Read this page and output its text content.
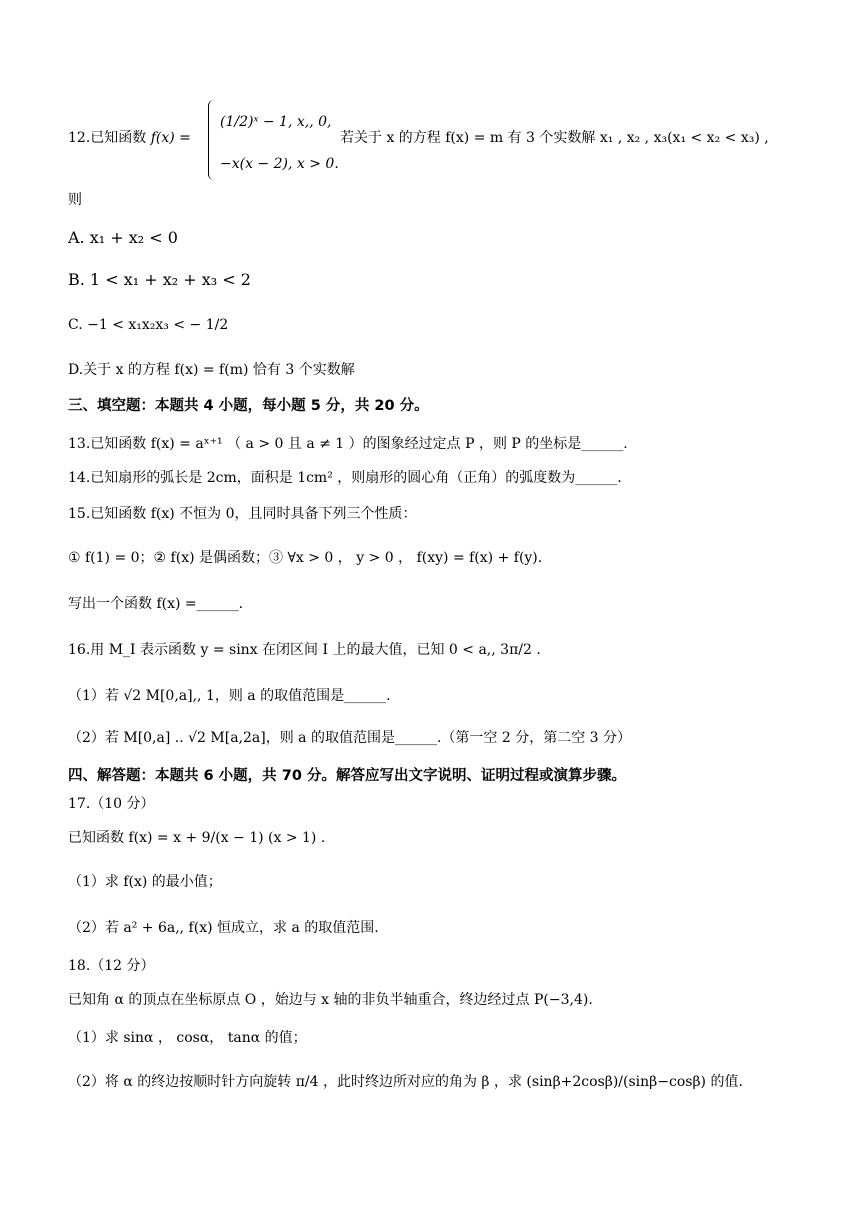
12.已知函数 f(x) =
(1/2)ˣ − 1, x,, 0,
−x(x − 2), x > 0.
若关于 x 的方程 f(x) = m 有 3 个实数解 x₁ , x₂ , x₃(x₁ < x₂ < x₃) ,
则
A. x₁ + x₂ < 0
B. 1 < x₁ + x₂ + x₃ < 2
C. −1 < x₁x₂x₃ < − 1/2
D.关于 x 的方程 f(x) = f(m) 恰有 3 个实数解
三、填空题：本题共 4 小题，每小题 5 分，共 20 分。
13.已知函数 f(x) = aˣ⁺¹ （ a > 0 且 a ≠ 1 ）的图象经过定点 P ，则 P 的坐标是______.
14.已知扇形的弧长是 2cm，面积是 1cm² ，则扇形的圆心角（正角）的弧度数为______.
15.已知函数 f(x) 不恒为 0，且同时具备下列三个性质：
① f(1) = 0；② f(x) 是偶函数；③ ∀x > 0 ， y > 0 ， f(xy) = f(x) + f(y).
写出一个函数 f(x) =______.
16.用 M_I 表示函数 y = sinx 在闭区间 I 上的最大值，已知 0 < a,, 3π/2 .
（1）若 √2 M[0,a],, 1，则 a 的取值范围是______.
（2）若 M[0,a] .. √2 M[a,2a]，则 a 的取值范围是______.（第一空 2 分，第二空 3 分）
四、解答题：本题共 6 小题，共 70 分。解答应写出文字说明、证明过程或演算步骤。
17.（10 分）
已知函数 f(x) = x + 9/(x − 1) (x > 1) .
（1）求 f(x) 的最小值；
（2）若 a² + 6a,, f(x) 恒成立，求 a 的取值范围.
18.（12 分）
已知角 α 的顶点在坐标原点 O ，始边与 x 轴的非负半轴重合，终边经过点 P(−3,4).
（1）求 sinα ， cosα， tanα 的值；
（2）将 α 的终边按顺时针方向旋转 π/4 ，此时终边所对应的角为 β ，求 (sinβ+2cosβ)/(sinβ−cosβ) 的值.
